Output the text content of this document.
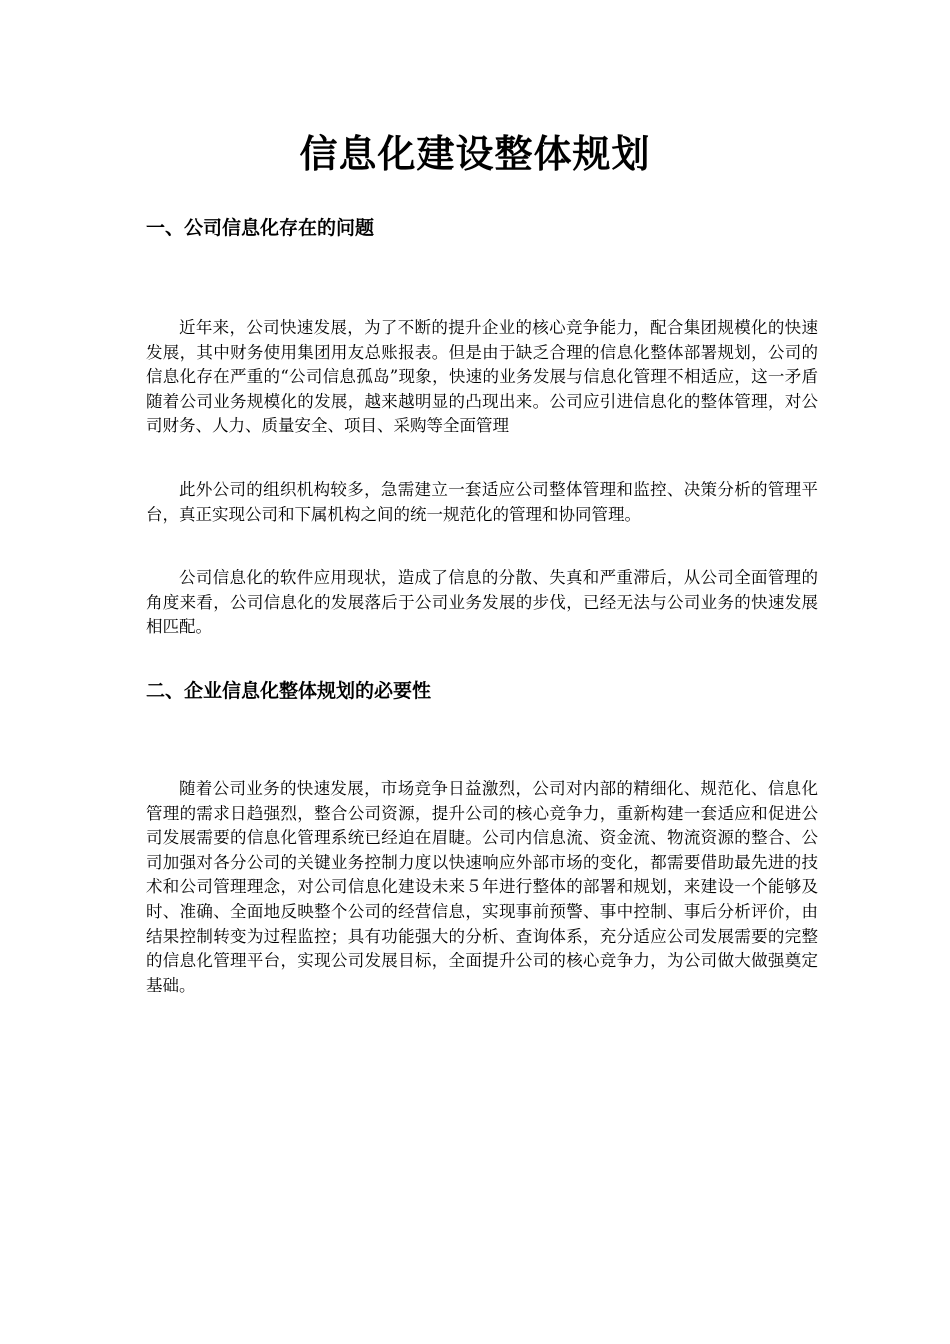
信息化建设整体规划
一、公司信息化存在的问题

近年来，公司快速发展，为了不断的提升企业的核心竞争能力，配合集团规模化的快速发展，其中财务使用集团用友总账报表。但是由于缺乏合理的信息化整体部署规划，公司的信息化存在严重的“公司信息孤岛”现象，快速的业务发展与信息化管理不相适应，这一矛盾随着公司业务规模化的发展，越来越明显的凸现出来。公司应引进信息化的整体管理，对公司财务、人力、质量安全、项目、采购等全面管理

此外公司的组织机构较多，急需建立一套适应公司整体管理和监控、决策分析的管理平台，真正实现公司和下属机构之间的统一规范化的管理和协同管理。

公司信息化的软件应用现状，造成了信息的分散、失真和严重滞后，从公司全面管理的角度来看，公司信息化的发展落后于公司业务发展的步伐，已经无法与公司业务的快速发展相匹配。

二、企业信息化整体规划的必要性

随着公司业务的快速发展，市场竞争日益激烈，公司对内部的精细化、规范化、信息化管理的需求日趋强烈，整合公司资源，提升公司的核心竞争力，重新构建一套适应和促进公司发展需要的信息化管理系统已经迫在眉睫。公司内信息流、资金流、物流资源的整合、公司加强对各分公司的关键业务控制力度以快速响应外部市场的变化，都需要借助最先进的技术和公司管理理念，对公司信息化建设未来５年进行整体的部署和规划，来建设一个能够及时、准确、全面地反映整个公司的经营信息，实现事前预警、事中控制、事后分析评价，由结果控制转变为过程监控；具有功能强大的分析、查询体系，充分适应公司发展需要的完整的信息化管理平台，实现公司发展目标，全面提升公司的核心竞争力，为公司做大做强奠定基础。
